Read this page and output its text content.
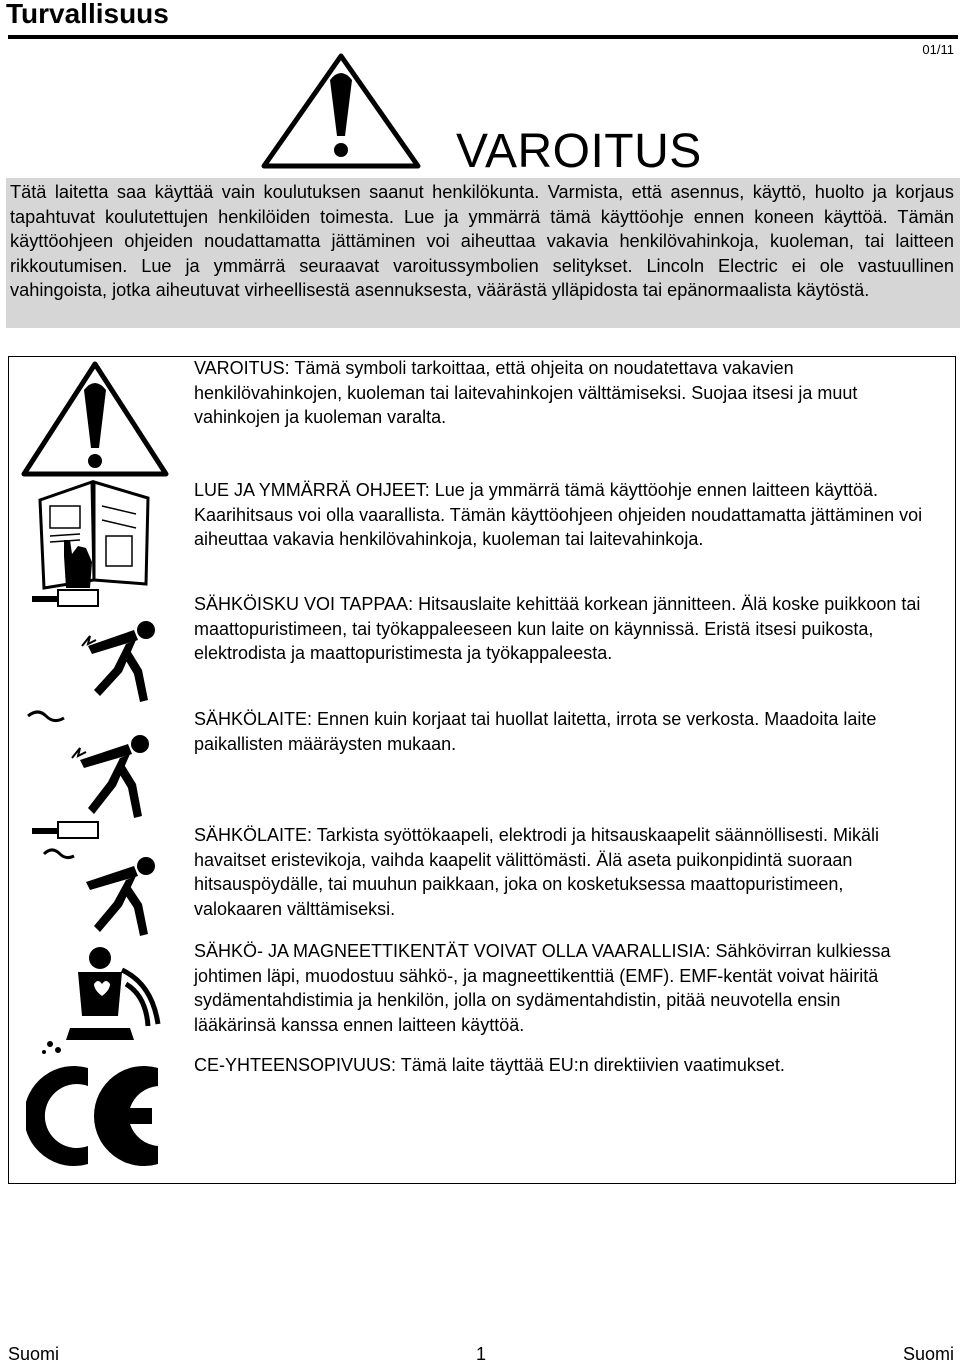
Turvallisuus
01/11
VAROITUS
Tätä laitetta saa käyttää vain koulutuksen saanut henkilökunta. Varmista, että asennus, käyttö, huolto ja korjaus tapahtuvat koulutettujen henkilöiden toimesta. Lue ja ymmärrä tämä käyttöohje ennen koneen käyttöä. Tämän käyttöohjeen ohjeiden noudattamatta jättäminen voi aiheuttaa vakavia henkilövahinkoja, kuoleman, tai laitteen rikkoutumisen. Lue ja ymmärrä seuraavat varoitussymbolien selitykset. Lincoln Electric ei ole vastuullinen vahingoista, jotka aiheutuvat virheellisestä asennuksesta, väärästä ylläpidosta tai epänormaalista käytöstä.
VAROITUS: Tämä symboli tarkoittaa, että ohjeita on noudatettava vakavien henkilövahinkojen, kuoleman tai laitevahinkojen välttämiseksi. Suojaa itsesi ja muut vahinkojen ja kuoleman varalta.
LUE JA YMMÄRRÄ OHJEET: Lue ja ymmärrä tämä käyttöohje ennen laitteen käyttöä. Kaarihitsaus voi olla vaarallista. Tämän käyttöohjeen ohjeiden noudattamatta jättäminen voi aiheuttaa vakavia henkilövahinkoja, kuoleman tai laitevahinkoja.
SÄHKÖISKU VOI TAPPAA: Hitsauslaite kehittää korkean jännitteen. Älä koske puikkoon tai maattopuristimeen, tai työkappaleeseen kun laite on käynnissä. Eristä itsesi puikosta, elektrodista ja maattopuristimesta ja työkappaleesta.
SÄHKÖLAITE: Ennen kuin korjaat tai huollat laitetta, irrota se verkosta. Maadoita laite paikallisten määräysten mukaan.
SÄHKÖLAITE: Tarkista syöttökaapeli, elektrodi ja hitsauskaapelit säännöllisesti. Mikäli havaitset eristevikoja, vaihda kaapelit välittömästi. Älä aseta puikonpidintä suoraan hitsauspöydälle, tai muuhun paikkaan, joka on kosketuksessa maattopuristimeen, valokaaren välttämiseksi.
SÄHKÖ- JA MAGNEETTIKENTÄT VOIVAT OLLA VAARALLISIA: Sähkövirran kulkiessa johtimen läpi, muodostuu sähkö-, ja magneettikenttiä (EMF). EMF-kentät voivat häiritä sydämentahdistimia ja henkilön, jolla on sydämentahdistin, pitää neuvotella ensin lääkärinsä kanssa ennen laitteen käyttöä.
CE-YHTEENSOPIVUUS: Tämä laite täyttää EU:n direktiivien vaatimukset.
Suomi	1	Suomi
